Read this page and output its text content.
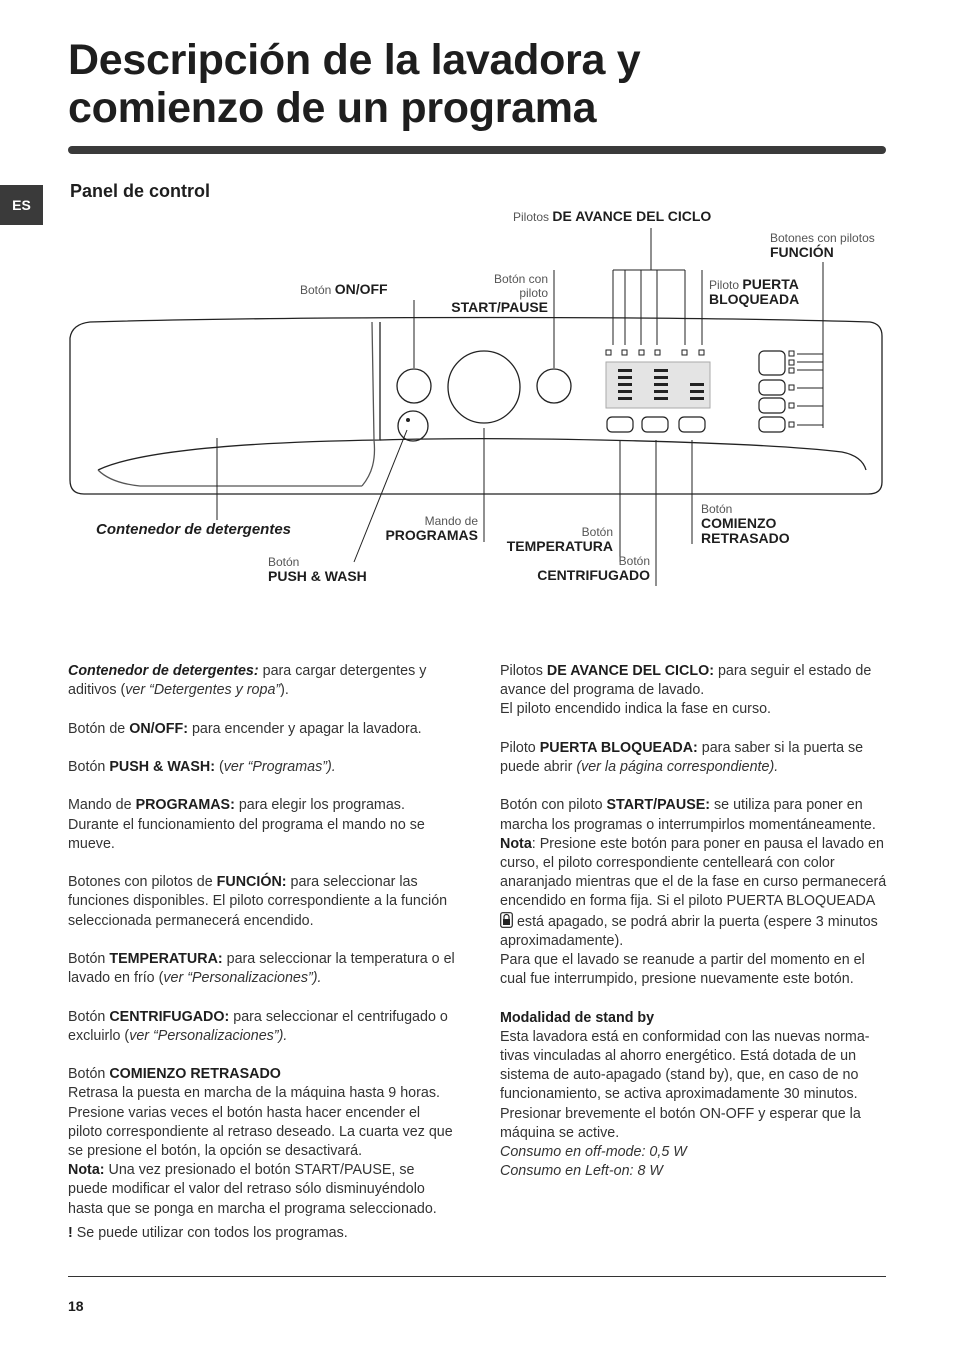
Descripción de la lavadora y
comienzo de un programa
ES
Panel de control
Pilotos DE AVANCE DEL CICLO
Botones con pilotos
FUNCIÓN
Botón ON/OFF
Botón con
piloto
START/PAUSE
Piloto PUERTA
BLOQUEADA
Contenedor de detergentes	Mando de
PROGRAMAS	Botón
TEMPERATURA
Botón
COMIENZO
RETRASADO
Botón
PUSH & WASH
Botón
CENTRIFUGADO

Contenedor de detergentes: para cargar detergentes y aditivos (ver “Detergentes y ropa”).

Botón de ON/OFF: para encender y apagar la lavadora.

Botón PUSH & WASH: (ver “Programas”).

Mando de PROGRAMAS: para elegir los programas. Durante el funcionamiento del programa el mando no se mueve.

Botones con pilotos de FUNCIÓN: para seleccionar las funciones disponibles. El piloto correspondiente a la función seleccionada permanecerá encendido.

Botón TEMPERATURA: para seleccionar la temperatura o el lavado en frío (ver “Personalizaciones”).

Botón CENTRIFUGADO: para seleccionar el centrifugado o excluirlo (ver “Personalizaciones”).

Botón COMIENZO RETRASADO
Retrasa la puesta en marcha de la máquina hasta 9 horas. Presione varias veces el botón hasta hacer encender el piloto correspondiente al retraso deseado. La cuarta vez que se presione el botón, la opción se desactivará.

Nota: Una vez presionado el botón START/PAUSE, se puede modificar el valor del retraso sólo disminuyéndolo hasta que se ponga en marcha el programa seleccionado.

! Se puede utilizar con todos los programas.

Pilotos DE AVANCE DEL CICLO: para seguir el estado de avance del programa de lavado.
El piloto encendido indica la fase en curso.

Piloto PUERTA BLOQUEADA: para saber si la puerta se puede abrir (ver la página correspondiente).

Botón con piloto START/PAUSE: se utiliza para poner en marcha los programas o interrumpirlos momentáneamente.
Nota: Presione este botón para poner en pausa el lavado en curso, el piloto correspondiente centelleará con color anaranjado mientras que el de la fase en curso permanecerá encendido en forma fija. Si el piloto PUERTA BLOQUEADA  está apagado, se podrá abrir la puerta (espere 3 minutos aproximadamente).
Para que el lavado se reanude a partir del momento en el cual fue interrumpido, presione nuevamente este botón.

Modalidad de stand by
Esta lavadora está en conformidad con las nuevas normativas vinculadas al ahorro energético. Está dotada de un sistema de auto-apagado (stand by), que, en caso de no funcionamiento, se activa aproximadamente 30 minutos. Presionar brevemente el botón ON-OFF y esperar que la máquina se active.
Consumo en off-mode: 0,5 W
Consumo en Left-on: 8 W

18
